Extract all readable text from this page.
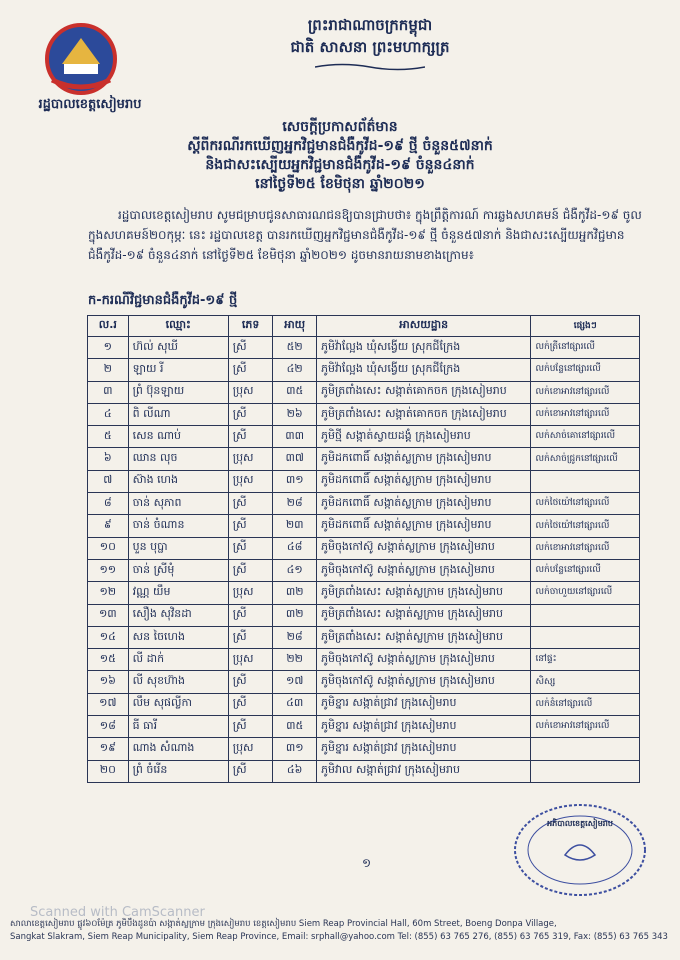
រដ្ឋបាលខេត្តសៀមរាប
ព្រះរាជាណាចក្រកម្ពុជា
ជាតិ សាសនា ព្រះមហាក្សត្រ
សេចក្ដីប្រកាសព័ត៌មាន
ស្ដីពីករណីរកឃើញអ្នកវិជ្ជមានជំងឺកូវីដ-១៩ ថ្មី ចំនួន៥៧នាក់
និងជាសះស្បើយអ្នកវិជ្ជមានជំងឺកូវីដ-១៩ ចំនួន៤នាក់
នៅថ្ងៃទី២៥ ខែមិថុនា ឆ្នាំ២០២១
រដ្ឋបាលខេត្តសៀមរាប សូមជម្រាបជូនសាធារណជនឱ្យបានជ្រាបថា៖ ក្នុងព្រឹត្តិការណ៍ ការឆ្លងសហគមន៍ ជំងឺកូវីដ-១៩ ចូលក្នុងសហគមន៍២០កុម្ភៈ នេះ រដ្ឋបាលខេត្ត បានរកឃើញអ្នកវិជ្ជមានជំងឺកូវីដ-១៩ ថ្មី ចំនួន៥៧នាក់ និងជាសះស្បើយអ្នកវិជ្ជមានជំងឺកូវីដ-១៩ ចំនួន៤នាក់ នៅថ្ងៃទី២៥ ខែមិថុនា ឆ្នាំ២០២១ ដូចមានរាយនាមខាងក្រោម៖
ក-ករណីវិជ្ជមានជំងឺកូវីដ-១៩ ថ្មី
ល.រ	ឈ្មោះ	ភេទ	អាយុ	អាសយដ្ឋាន	ផ្សេងៗ
១	ហ៊ល់ សុឃី	ស្រី	៥២	ភូមិវ៉ាល្អែង ឃុំសង្វើយ ស្រុកជីក្រែង	លក់ត្រីនៅផ្សារលើ
២	ឡាយ រី	ស្រី	៤២	ភូមិវ៉ាល្អែង ឃុំសង្វើយ ស្រុកជីក្រែង	លក់បន្លែនៅផ្សារលើ
៣	ព្រំ ប៊ុនឡាយ	ប្រុស	៣៥	ភូមិត្រពាំងសេះ សង្កាត់គោកចក ក្រុងសៀមរាប	លក់ខោអាវនៅផ្សារលើ
៤	ពិ លីណា	ស្រី	២៦	ភូមិត្រពាំងសេះ សង្កាត់គោកចក ក្រុងសៀមរាប	លក់ខោអាវនៅផ្សារលើ
៥	សេន ណាប់	ស្រី	៣៣	ភូមិថ្មី សង្កាត់ស្វាយដង្គំ ក្រុងសៀមរាប	លក់សាច់គោនៅផ្សារលើ
៦	ឈាន លុច	ប្រុស	៣៧	ភូមិដកពោធិ៍ សង្កាត់ស្លក្រាម ក្រុងសៀមរាប	លក់សាច់ជ្រូកនៅផ្សារលើ
៧	ស៊ាង ហេង	ប្រុស	៣១	ភូមិដកពោធិ៍ សង្កាត់ស្លក្រាម ក្រុងសៀមរាប	
៨	ចាន់ សុភាព	ស្រី	២៨	ភូមិដកពោធិ៍ សង្កាត់ស្លក្រាម ក្រុងសៀមរាប	លក់ថៃយ៉ៅនៅផ្សារលើ
៩	ចាន់ ចំណាន	ស្រី	២៣	ភូមិដកពោធិ៍ សង្កាត់ស្លក្រាម ក្រុងសៀមរាប	លក់ថៃយ៉ៅនៅផ្សារលើ
១០	បួន បុប្ផា	ស្រី	៤៨	ភូមិចុងកៅស៊ូ សង្កាត់ស្លក្រាម ក្រុងសៀមរាប	លក់ខោអាវនៅផ្សារលើ
១១	ចាន់ ស្រីមុំ	ស្រី	៤១	ភូមិចុងកៅស៊ូ សង្កាត់ស្លក្រាម ក្រុងសៀមរាប	លក់បន្លែនៅផ្សារលើ
១២	វណ្ណ យឹម	ប្រុស	៣២	ភូមិត្រពាំងសេះ សង្កាត់ស្លក្រាម ក្រុងសៀមរាប	លក់ចាហួយនៅផ្សារលើ
១៣	សឿង សុវិនដា	ស្រី	៣២	ភូមិត្រពាំងសេះ សង្កាត់ស្លក្រាម ក្រុងសៀមរាប	
១៤	សន ចៃហេង	ស្រី	២៨	ភូមិត្រពាំងសេះ សង្កាត់ស្លក្រាម ក្រុងសៀមរាប	
១៥	លី ដាក់	ប្រុស	២២	ភូមិចុងកៅស៊ូ សង្កាត់ស្លក្រាម ក្រុងសៀមរាប	នៅផ្ទះ
១៦	លី សុខហ៊ាង	ស្រី	១៧	ភូមិចុងកៅស៊ូ សង្កាត់ស្លក្រាម ក្រុងសៀមរាប	សិស្ស
១៧	លឹម សុផល្លីកា	ស្រី	៤៣	ភូមិខ្នារ សង្កាត់ជ្រាវ ក្រុងសៀមរាប	លក់នំនៅផ្សារលើ
១៨	ធី ធារី	ស្រី	៣៥	ភូមិខ្នារ សង្កាត់ជ្រាវ ក្រុងសៀមរាប	លក់ខោអាវនៅផ្សារលើ
១៩	ណាង សំណាង	ប្រុស	៣១	ភូមិខ្នារ សង្កាត់ជ្រាវ ក្រុងសៀមរាប	
២០	ព្រំ ចំរើន	ស្រី	៤៦	ភូមិវាល សង្កាត់ជ្រាវ ក្រុងសៀមរាប	
១
អភិបាលខេត្តសៀមរាប
Scanned with CamScanner
សាលាខេត្តសៀមរាប ផ្លូវ៦០ម៉ែត្រ ភូមិបឹងដូនប៉ា សង្កាត់ស្លក្រាម ក្រុងសៀមរាប ខេត្តសៀមរាប Siem Reap Provincial Hall, 60m Street, Boeng Donpa Village,
Sangkat Slakram, Siem Reap Municipality, Siem Reap Province, Email: srphall@yahoo.com Tel: (855) 63 765 276, (855) 63 765 319, Fax: (855) 63 765 343
